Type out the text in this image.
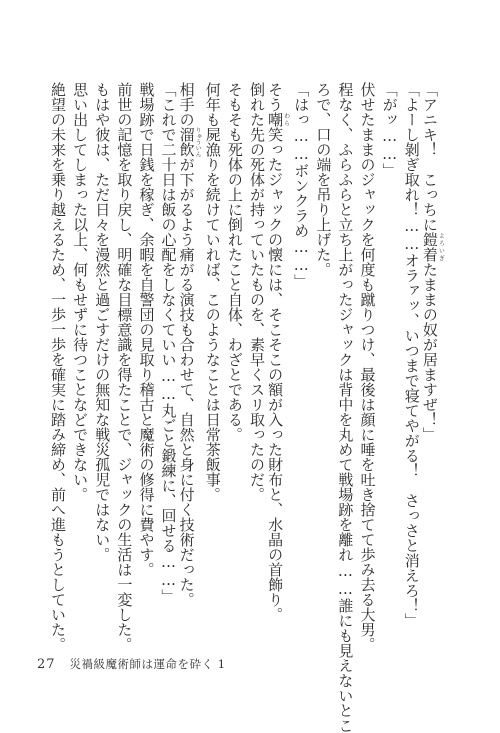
「アニキ！　こっちに鎧着よろいぎたままの奴が居ますぜ！」
「よーし剝ぎ取れ！……オラァッ、いつまで寝てやがる！　さっさと消えろ！」
「がッ……」
伏せたままのジャックを何度も蹴りつけ、最後は顔に唾を吐き捨てて歩み去る大男。
程なく、ふらふらと立ち上がったジャックは背中を丸めて戦場跡を離れ……誰にも見えないとこ
ろで、口の端を吊り上げた。
「はっ……ボンクラめ……」
そう嘲わら笑ったジャックの懐には、そこそこの額が入った財布と、水晶の首飾り。
倒れた先の死体が持っていたものを、素早くスリ取ったのだ。
そもそも死体の上に倒れたこと自体、わざとである。
何年も屍漁りを続けていれば、このようなことは日常茶飯事。
相手の溜飲りゅういんが下がるよう痛がる演技も合わせて、自然と身に付く技術だった。
「これで二十日は飯の心配をしなくていい……丸ごと鍛練に、回せる……」
戦場跡で日銭を稼ぎ、余暇を自警団の見取り稽古と魔術の修得に費やす。
前世の記憶を取り戻し、明確な目標意識を得たことで、ジャックの生活は一変した。
もはや彼は、ただ日々を漫然と過ごすだけの無知な戦災孤児ではない。
思い出してしまった以上、何もせずに待つことなどできない。
絶望の未来を乗り越えるため、一歩一歩を確実に踏み締め、前へ進もうとしていた。
27 災禍級魔術師は運命を砕く 1
